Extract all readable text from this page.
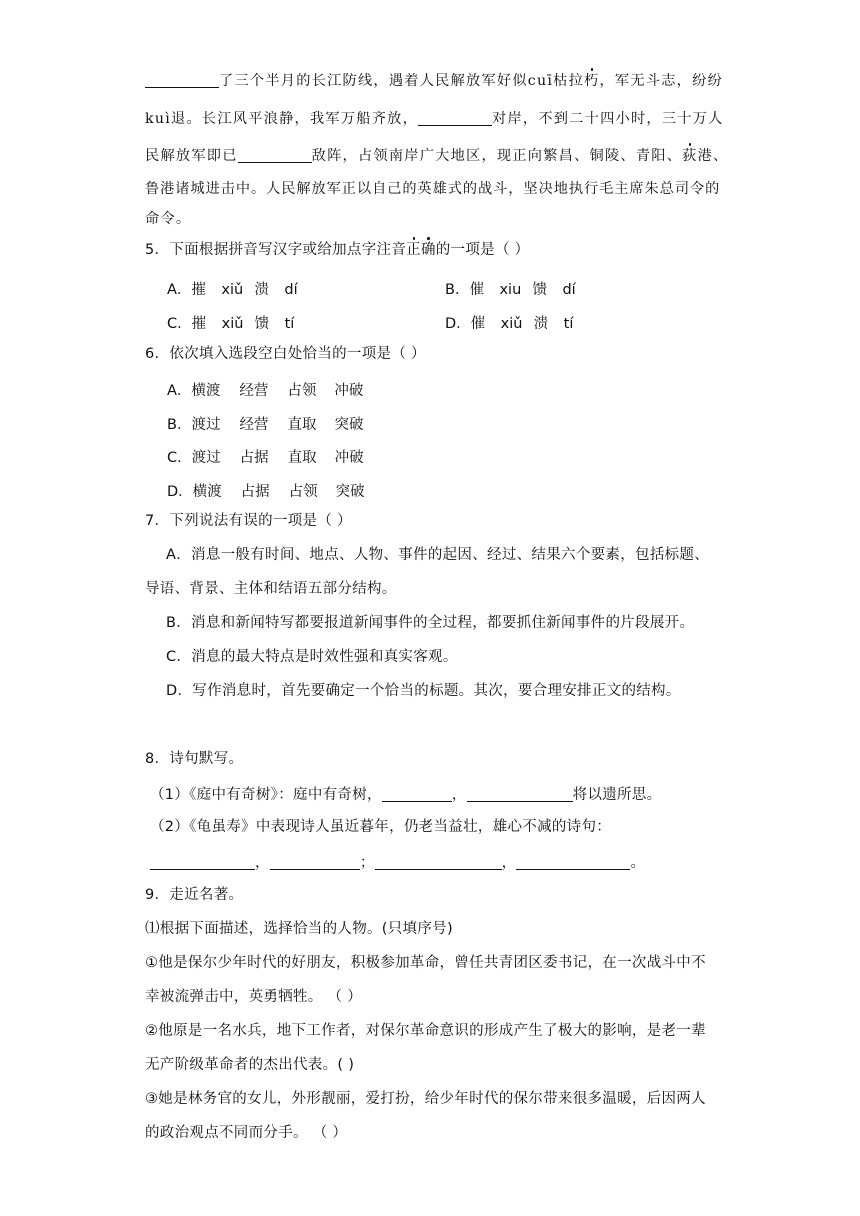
了三个半月的长江防线，遇着人民解放军好似cuī枯拉朽，军无斗志，纷纷
kuì退。长江风平浪静，我军万船齐放，	对岸，不到二十四小时，三十万人
民解放军即已	敌阵，占领南岸广大地区，现正向繁昌、铜陵、青阳、荻港、
鲁港诸城进击中。人民解放军正以自己的英雄式的战斗，坚决地执行毛主席朱总司令的
命令。
5．下面根据拼音写汉字或给加点字注音正确的一项是（ ）
A．摧 xiǔ 溃 dí	B．催 xiu 馈 dí
C．摧 xiǔ 馈 tí	D．催 xiǔ 溃 tí
6．依次填入选段空白处恰当的一项是（ ）
A．横渡 经营 占领 冲破
B．渡过 经营 直取 突破
C．渡过 占据 直取 冲破
D．横渡 占据 占领 突破
7．下列说法有误的一项是（ ）
A．消息一般有时间、地点、人物、事件的起因、经过、结果六个要素，包括标题、
导语、背景、主体和结语五部分结构。
B．消息和新闻特写都要报道新闻事件的全过程，都要抓住新闻事件的片段展开。
C．消息的最大特点是时效性强和真实客观。
D．写作消息时，首先要确定一个恰当的标题。其次，要合理安排正文的结构。
8．诗句默写。
（1）《庭中有奇树》：庭中有奇树，	，	将以遗所思。
（2）《龟虽寿》中表现诗人虽近暮年，仍老当益壮，雄心不减的诗句：
，	；	，	。
9．走近名著。
⑴根据下面描述，选择恰当的人物。(只填序号)
①他是保尔少年时代的好朋友，积极参加革命，曾任共青团区委书记，在一次战斗中不
幸被流弹击中，英勇牺牲。 （ ）
②他原是一名水兵，地下工作者，对保尔革命意识的形成产生了极大的影响，是老一辈
无产阶级革命者的杰出代表。( )
③她是林务官的女儿，外形靓丽，爱打扮，给少年时代的保尔带来很多温暖，后因两人
的政治观点不同而分手。 （ ）
